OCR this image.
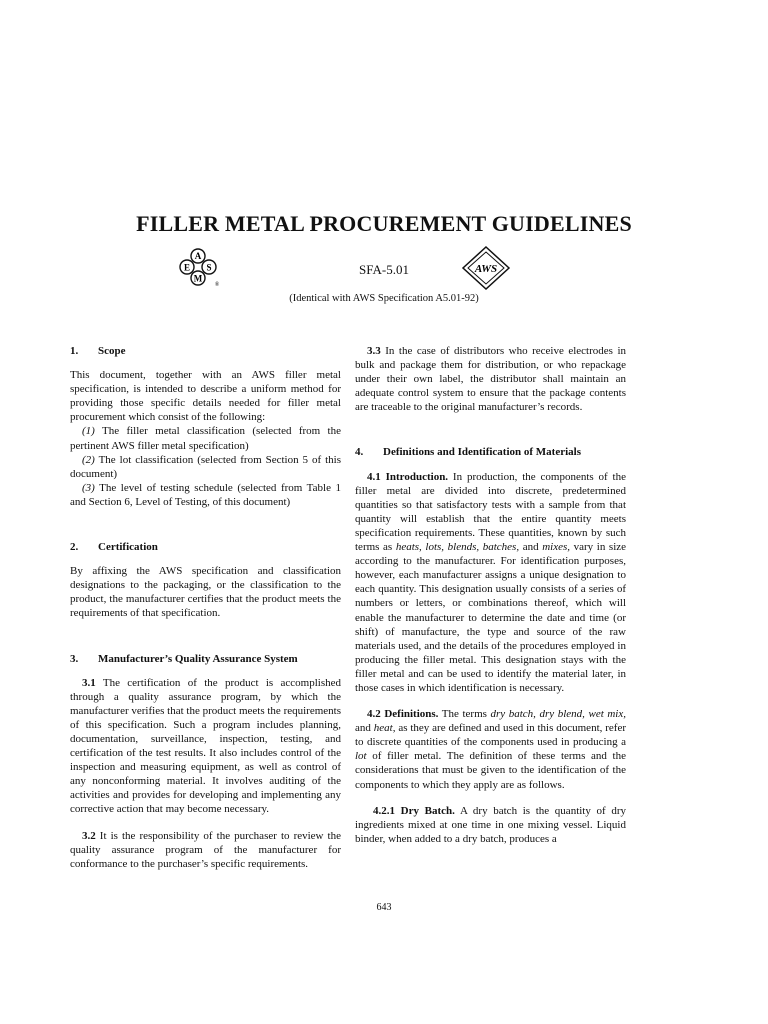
FILLER METAL PROCUREMENT GUIDELINES
A
E S
M
®
SFA-5.01	AWS
(Identical with AWS Specification A5.01-92)

1. Scope

This document, together with an AWS filler metal specification, is intended to describe a uniform method for providing those specific details needed for filler metal procurement which consist of the following:

(1) The filler metal classification (selected from the pertinent AWS filler metal specification)

(2) The lot classification (selected from Section 5 of this document)

(3) The level of testing schedule (selected from Table 1 and Section 6, Level of Testing, of this document)

2. Certification

By affixing the AWS specification and classification designations to the packaging, or the classification to the product, the manufacturer certifies that the product meets the requirements of that specification.

3. Manufacturer’s Quality Assurance System

3.1 The certification of the product is accomplished through a quality assurance program, by which the manufacturer verifies that the product meets the requirements of this specification. Such a program includes planning, documentation, surveillance, inspection, testing, and certification of the test results. It also includes control of the inspection and measuring equipment, as well as control of any nonconforming material. It involves auditing of the activities and provides for developing and implementing any corrective action that may become necessary.

3.2 It is the responsibility of the purchaser to review the quality assurance program of the manufacturer for conformance to the purchaser’s specific requirements.

3.3 In the case of distributors who receive electrodes in bulk and package them for distribution, or who repackage under their own label, the distributor shall maintain an adequate control system to ensure that the package contents are traceable to the original manufacturer’s records.

4. Definitions and Identification of Materials

4.1 Introduction. In production, the components of the filler metal are divided into discrete, predetermined quantities so that satisfactory tests with a sample from that quantity will establish that the entire quantity meets specification requirements. These quantities, known by such terms as heats, lots, blends, batches, and mixes, vary in size according to the manufacturer. For identification purposes, however, each manufacturer assigns a unique designation to each quantity. This designation usually consists of a series of numbers or letters, or combinations thereof, which will enable the manufacturer to determine the date and time (or shift) of manufacture, the type and source of the raw materials used, and the details of the procedures employed in producing the filler metal. This designation stays with the filler metal and can be used to identify the material later, in those cases in which identification is necessary.

4.2 Definitions. The terms dry batch, dry blend, wet mix, and heat, as they are defined and used in this document, refer to discrete quantities of the components used in producing a lot of filler metal. The definition of these terms and the considerations that must be given to the identification of the components to which they apply are as follows.

4.2.1 Dry Batch. A dry batch is the quantity of dry ingredients mixed at one time in one mixing vessel. Liquid binder, when added to a dry batch, produces a

643
